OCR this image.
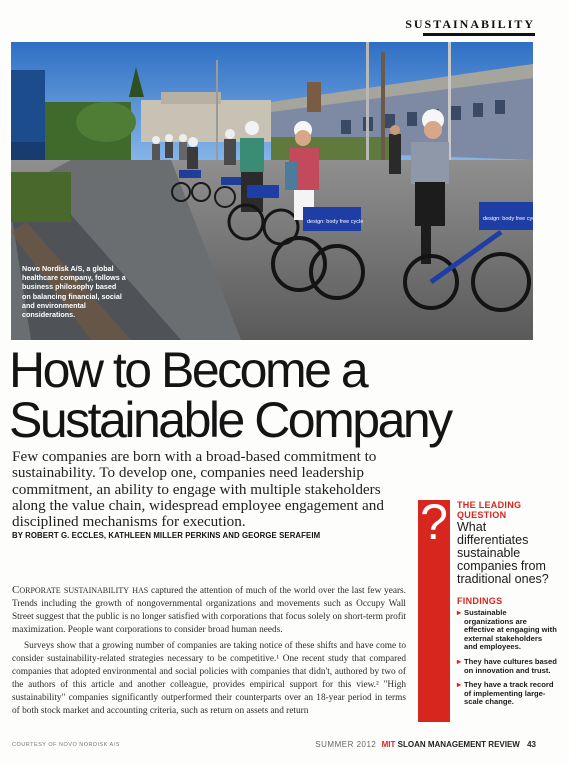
SUSTAINABILITY
design: body free cycle	design: body free cycle
Novo Nordisk A/S, a global healthcare company, follows a business philosophy based on balancing financial, social and environmental considerations.
How to Become a
Sustainable Company

Few companies are born with a broad-based commitment to sustainability. To develop one, companies need leadership commitment, an ability to engage with multiple stakeholders along the value chain, widespread employee engagement and disciplined mechanisms for execution.

BY ROBERT G. ECCLES, KATHLEEN MILLER PERKINS AND GEORGE SERAFEIM

Corporate sustainability has captured the attention of much of the world over the last few years. Trends including the growth of nongovernmental organizations and movements such as Occupy Wall Street suggest that the public is no longer satisfied with corporations that focus solely on short-term profit maximization. People want corporations to consider broad human needs.

Surveys show that a growing number of companies are taking notice of these shifts and have come to consider sustainability-related strategies necessary to be competitive.¹ One recent study that compared companies that adopted environmental and social policies with companies that didn't, authored by two of the authors of this article and another colleague, provides empirical support for this view.² "High sustainability" companies significantly outperformed their counterparts over an 18-year period in terms of both stock market and accounting criteria, such as return on assets and return

? THE LEADING QUESTION
What differentiates sustainable companies from traditional ones?
FINDINGS
▸ Sustainable organizations are effective at engaging with external stakeholders and employees.
▸ They have cultures based on innovation and trust.
▸ They have a track record of implementing large-scale change.
COURTESY OF NOVO NORDISK A/S	SUMMER 2012 MIT SLOAN MANAGEMENT REVIEW 43
